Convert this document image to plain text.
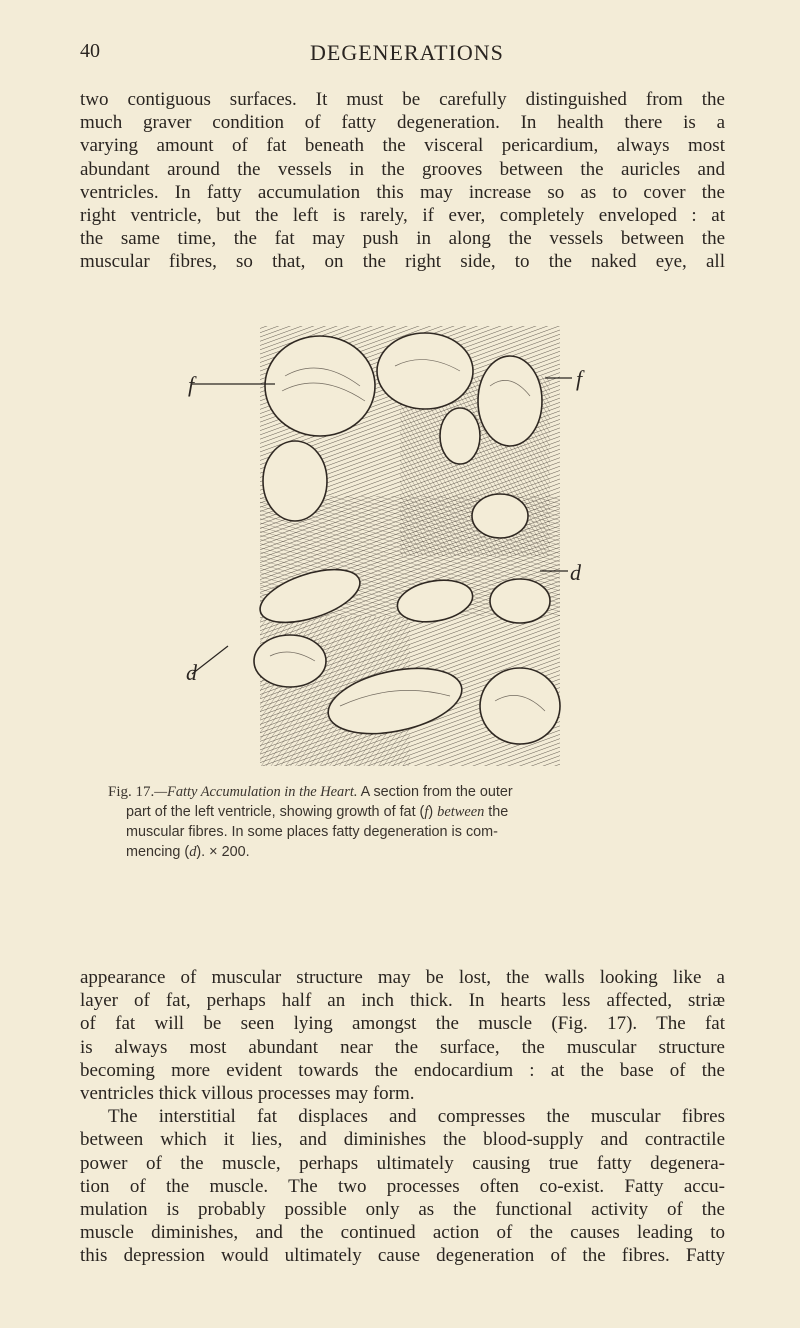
40	DEGENERATIONS
two contiguous surfaces. It must be carefully distinguished from the
much graver condition of fatty degeneration. In health there is a
varying amount of fat beneath the visceral pericardium, always most
abundant around the vessels in the grooves between the auricles and
ventricles. In fatty accumulation this may increase so as to cover the
right ventricle, but the left is rarely, if ever, completely enveloped : at
the same time, the fat may push in along the vessels between the
muscular fibres, so that, on the right side, to the naked eye, all
f	f
d
d
Fig. 17.—Fatty Accumulation in the Heart. A section from the outer
part of the left ventricle, showing growth of fat (f) between the
muscular fibres. In some places fatty degeneration is com-
mencing (d). × 200.
appearance of muscular structure may be lost, the walls looking like a
layer of fat, perhaps half an inch thick. In hearts less affected, striæ
of fat will be seen lying amongst the muscle (Fig. 17). The fat
is always most abundant near the surface, the muscular structure
becoming more evident towards the endocardium : at the base of the
ventricles thick villous processes may form.
The interstitial fat displaces and compresses the muscular fibres
between which it lies, and diminishes the blood-supply and contractile
power of the muscle, perhaps ultimately causing true fatty degenera-
tion of the muscle. The two processes often co-exist. Fatty accu-
mulation is probably possible only as the functional activity of the
muscle diminishes, and the continued action of the causes leading to
this depression would ultimately cause degeneration of the fibres. Fatty
